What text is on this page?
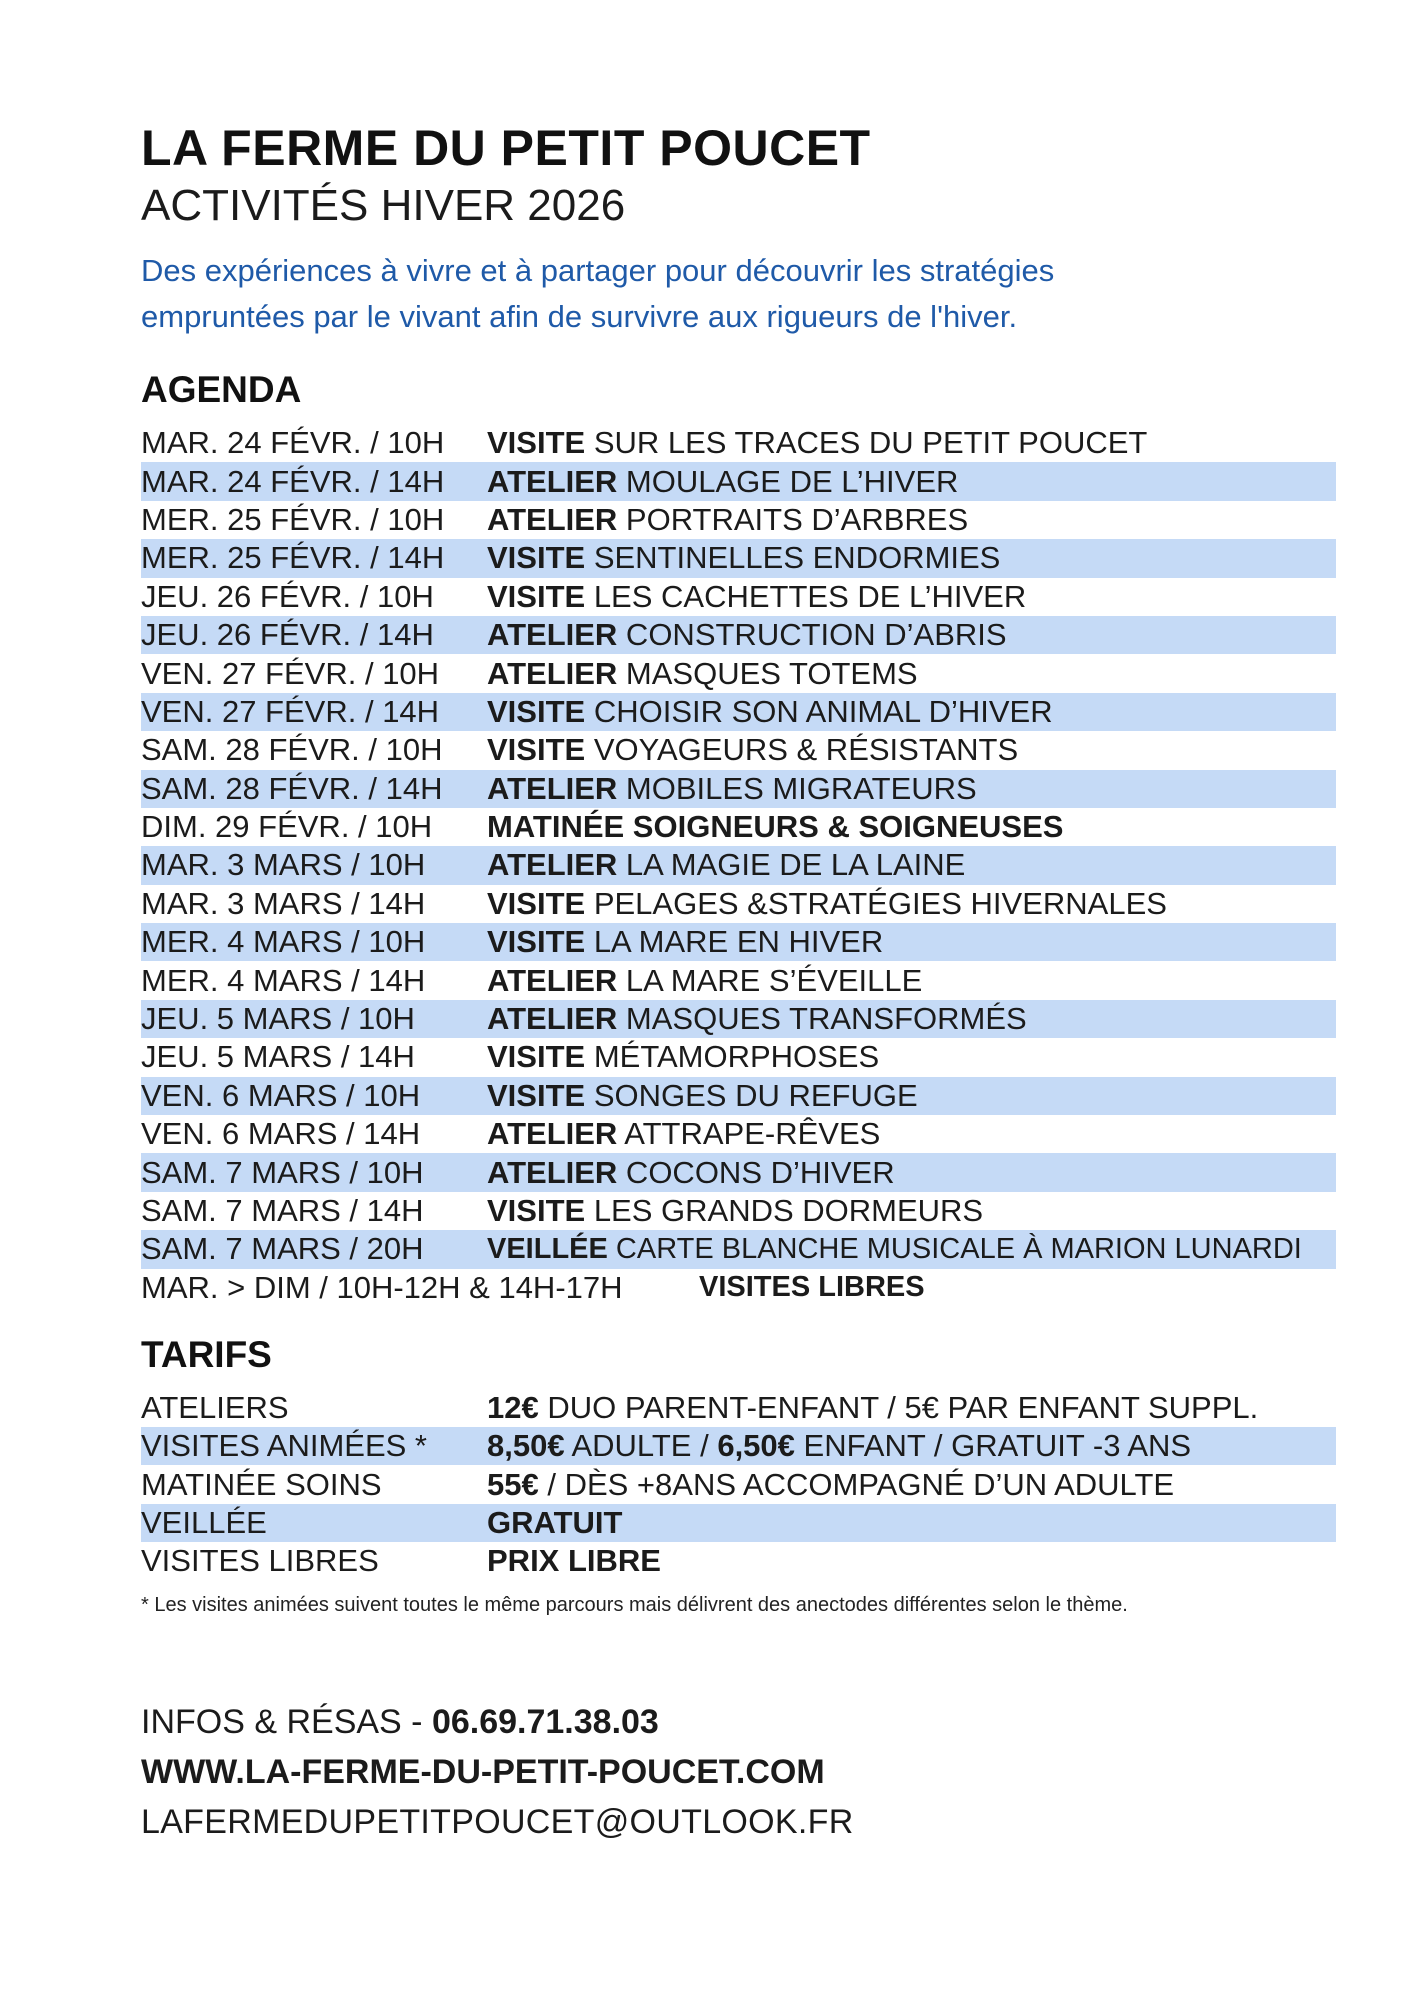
LA FERME DU PETIT POUCET
ACTIVITÉS HIVER 2026
Des expériences à vivre et à partager pour découvrir les stratégies
empruntées par le vivant afin de survivre aux rigueurs de l'hiver.
AGENDA
MAR. 24 FÉVR. / 10H	VISITE SUR LES TRACES DU PETIT POUCET
MAR. 24 FÉVR. / 14H	ATELIER MOULAGE DE L’HIVER
MER. 25 FÉVR. / 10H	ATELIER PORTRAITS D’ARBRES
MER. 25 FÉVR. / 14H	VISITE SENTINELLES ENDORMIES
JEU. 26 FÉVR. / 10H	VISITE LES CACHETTES DE L’HIVER
JEU. 26 FÉVR. / 14H	ATELIER CONSTRUCTION D’ABRIS
VEN. 27 FÉVR. / 10H	ATELIER MASQUES TOTEMS
VEN. 27 FÉVR. / 14H	VISITE CHOISIR SON ANIMAL D’HIVER
SAM. 28 FÉVR. / 10H	VISITE VOYAGEURS & RÉSISTANTS
SAM. 28 FÉVR. / 14H	ATELIER MOBILES MIGRATEURS
DIM. 29 FÉVR. / 10H	MATINÉE SOIGNEURS & SOIGNEUSES
MAR. 3 MARS / 10H	ATELIER LA MAGIE DE LA LAINE
MAR. 3 MARS / 14H	VISITE PELAGES &STRATÉGIES HIVERNALES
MER. 4 MARS / 10H	VISITE LA MARE EN HIVER
MER. 4 MARS / 14H	ATELIER LA MARE S’ÉVEILLE
JEU. 5 MARS / 10H	ATELIER MASQUES TRANSFORMÉS
JEU. 5 MARS / 14H	VISITE MÉTAMORPHOSES
VEN. 6 MARS / 10H	VISITE SONGES DU REFUGE
VEN. 6 MARS / 14H	ATELIER ATTRAPE-RÊVES
SAM. 7 MARS / 10H	ATELIER COCONS D’HIVER
SAM. 7 MARS / 14H	VISITE LES GRANDS DORMEURS
SAM. 7 MARS / 20H	VEILLÉE CARTE BLANCHE MUSICALE À MARION LUNARDI
MAR. > DIM / 10H-12H & 14H-17H	VISITES LIBRES
TARIFS
ATELIERS	12€ DUO PARENT-ENFANT / 5€ PAR ENFANT SUPPL.
VISITES ANIMÉES *	8,50€ ADULTE / 6,50€ ENFANT / GRATUIT -3 ANS
MATINÉE SOINS	55€ / DÈS +8ANS ACCOMPAGNÉ D’UN ADULTE
VEILLÉE	GRATUIT
VISITES LIBRES	PRIX LIBRE
* Les visites animées suivent toutes le même parcours mais délivrent des anectodes différentes selon le thème.
INFOS & RÉSAS - 06.69.71.38.03
WWW.LA-FERME-DU-PETIT-POUCET.COM
LAFERMEDUPETITPOUCET@OUTLOOK.FR
